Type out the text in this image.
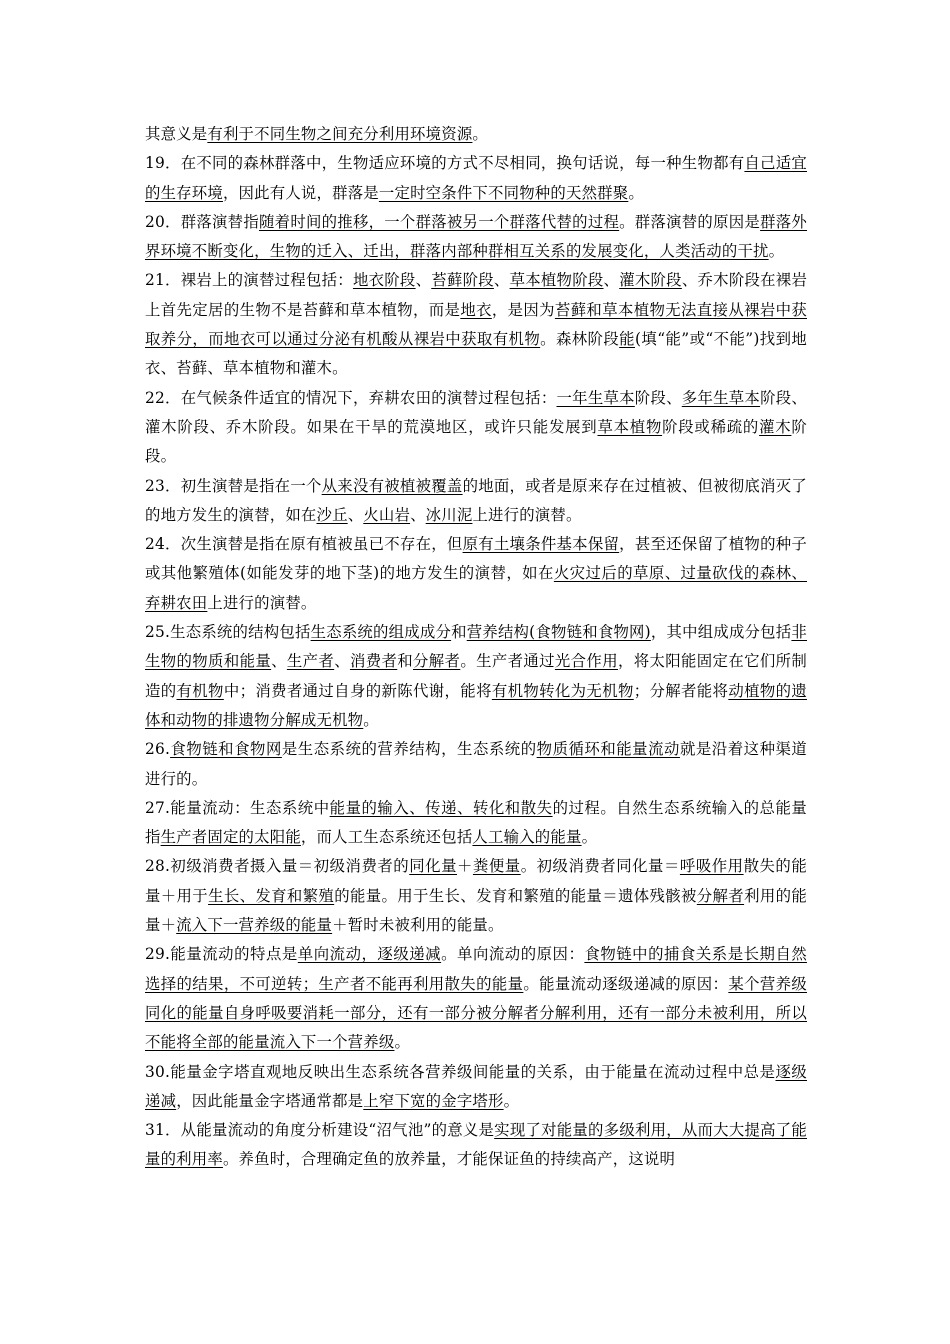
其意义是有利于不同生物之间充分利用环境资源。

19．在不同的森林群落中，生物适应环境的方式不尽相同，换句话说，每一种生物都有自己适宜的生存环境，因此有人说，群落是一定时空条件下不同物种的天然群聚。

20．群落演替指随着时间的推移，一个群落被另一个群落代替的过程。群落演替的原因是群落外界环境不断变化，生物的迁入、迁出，群落内部种群相互关系的发展变化，人类活动的干扰。

21．裸岩上的演替过程包括：地衣阶段、苔藓阶段、草本植物阶段、灌木阶段、乔木阶段在裸岩上首先定居的生物不是苔藓和草本植物，而是地衣，是因为苔藓和草本植物无法直接从裸岩中获取养分，而地衣可以通过分泌有机酸从裸岩中获取有机物。森林阶段能(填“能”或“不能”)找到地衣、苔藓、草本植物和灌木。

22．在气候条件适宜的情况下，弃耕农田的演替过程包括：一年生草本阶段、多年生草本阶段、灌木阶段、乔木阶段。如果在干旱的荒漠地区，或许只能发展到草本植物阶段或稀疏的灌木阶段。

23．初生演替是指在一个从来没有被植被覆盖的地面，或者是原来存在过植被、但被彻底消灭了的地方发生的演替，如在沙丘、火山岩、冰川泥上进行的演替。

24．次生演替是指在原有植被虽已不存在，但原有土壤条件基本保留，甚至还保留了植物的种子或其他繁殖体(如能发芽的地下茎)的地方发生的演替，如在火灾过后的草原、过量砍伐的森林、弃耕农田上进行的演替。

25.生态系统的结构包括生态系统的组成成分和营养结构(食物链和食物网)，其中组成成分包括非生物的物质和能量、生产者、消费者和分解者。生产者通过光合作用，将太阳能固定在它们所制造的有机物中；消费者通过自身的新陈代谢，能将有机物转化为无机物；分解者能将动植物的遗体和动物的排遗物分解成无机物。

26.食物链和食物网是生态系统的营养结构，生态系统的物质循环和能量流动就是沿着这种渠道进行的。

27.能量流动：生态系统中能量的输入、传递、转化和散失的过程。自然生态系统输入的总能量指生产者固定的太阳能，而人工生态系统还包括人工输入的能量。

28.初级消费者摄入量＝初级消费者的同化量＋粪便量。初级消费者同化量＝呼吸作用散失的能量＋用于生长、发育和繁殖的能量。用于生长、发育和繁殖的能量＝遗体残骸被分解者利用的能量＋流入下一营养级的能量＋暂时未被利用的能量。

29.能量流动的特点是单向流动，逐级递减。单向流动的原因：食物链中的捕食关系是长期自然选择的结果，不可逆转；生产者不能再利用散失的能量。能量流动逐级递减的原因：某个营养级同化的能量自身呼吸要消耗一部分，还有一部分被分解者分解利用，还有一部分未被利用，所以不能将全部的能量流入下一个营养级。

30.能量金字塔直观地反映出生态系统各营养级间能量的关系，由于能量在流动过程中总是逐级递减，因此能量金字塔通常都是上窄下宽的金字塔形。

31．从能量流动的角度分析建设“沼气池”的意义是实现了对能量的多级利用，从而大大提高了能量的利用率。养鱼时，合理确定鱼的放养量，才能保证鱼的持续高产，这说明
